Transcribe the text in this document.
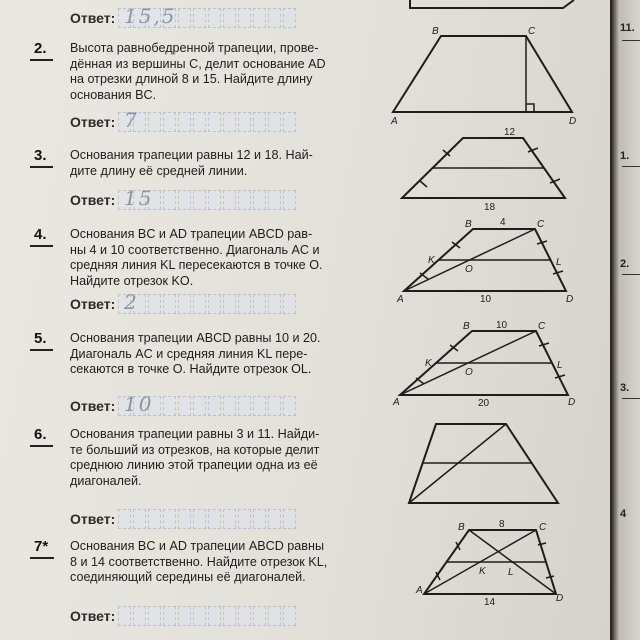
Ответ: 15,5
2. Высота равнобедренной трапеции, прове-

дённая из вершины C, делит основание AD

на отрезки длиной 8 и 15. Найдите длину

основания BC.

Ответ: 7
3. Основания трапеции равны 12 и 18. Най-

дите длину её средней линии.

Ответ: 15
4. Основания BC и AD трапеции ABCD рав-

ны 4 и 10 соответственно. Диагональ AC и

средняя линия KL пересекаются в точке O.

Найдите отрезок KO.

Ответ: 2
5. Основания трапеции ABCD равны 10 и 20.

Диагональ AC и средняя линия KL пере-

секаются в точке O. Найдите отрезок OL.

Ответ: 10
6. Основания трапеции равны 3 и 11. Найди-

те больший из отрезков, на которые делит

среднюю линию этой трапеции одна из её

диагоналей.

Ответ:
7* Основания BC и AD трапеции ABCD равны

8 и 14 соответственно. Найдите отрезок KL,

соединяющий середины её диагоналей.

Ответ:
B	C
A	D
12
18
B	C
A	D
K	L
O
4
10
B	C
A	D
K	L
O
10
20
B	C
A
D
K L
8
14
11.
1.
2.
3.
4
